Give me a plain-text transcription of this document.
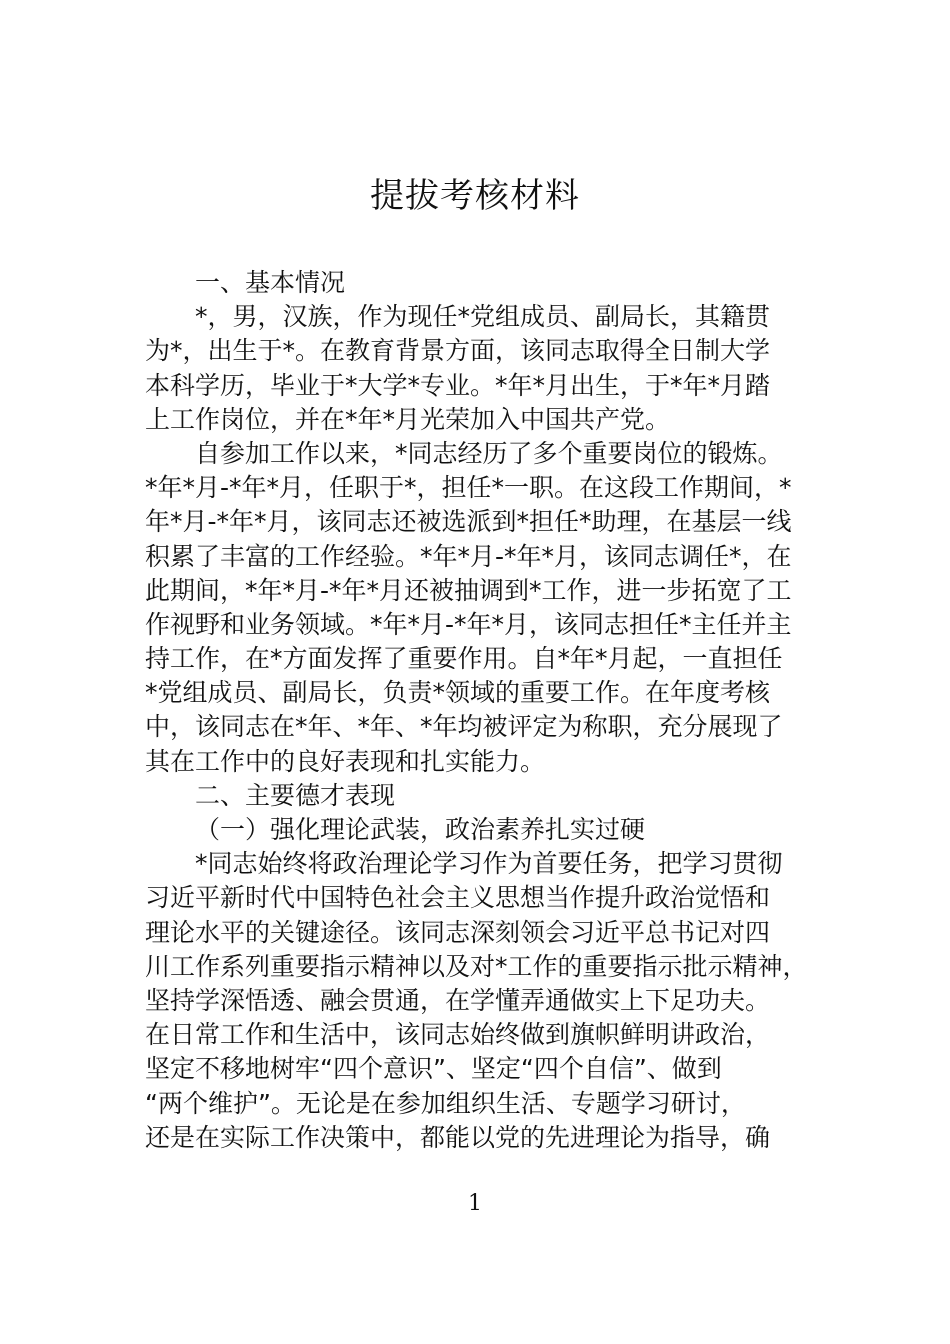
提拔考核材料

一、基本情况

*，男，汉族，作为现任*党组成员、副局长，其籍贯

为*，出生于*。在教育背景方面，该同志取得全日制大学

本科学历，毕业于*大学*专业。*年*月出生，于*年*月踏

上工作岗位，并在*年*月光荣加入中国共产党。

自参加工作以来，*同志经历了多个重要岗位的锻炼。

*年*月-*年*月，任职于*，担任*一职。在这段工作期间，*

年*月-*年*月，该同志还被选派到*担任*助理，在基层一线

积累了丰富的工作经验。*年*月-*年*月，该同志调任*，在

此期间，*年*月-*年*月还被抽调到*工作，进一步拓宽了工

作视野和业务领域。*年*月-*年*月，该同志担任*主任并主

持工作，在*方面发挥了重要作用。自*年*月起，一直担任

*党组成员、副局长，负责*领域的重要工作。在年度考核

中，该同志在*年、*年、*年均被评定为称职，充分展现了

其在工作中的良好表现和扎实能力。

二、主要德才表现

（一）强化理论武装，政治素养扎实过硬

*同志始终将政治理论学习作为首要任务，把学习贯彻

习近平新时代中国特色社会主义思想当作提升政治觉悟和

理论水平的关键途径。该同志深刻领会习近平总书记对四

川工作系列重要指示精神以及对*工作的重要指示批示精神，

坚持学深悟透、融会贯通，在学懂弄通做实上下足功夫。

在日常工作和生活中，该同志始终做到旗帜鲜明讲政治，

坚定不移地树牢“四个意识”、坚定“四个自信”、做到

“两个维护”。无论是在参加组织生活、专题学习研讨，

还是在实际工作决策中，都能以党的先进理论为指导，确

1
